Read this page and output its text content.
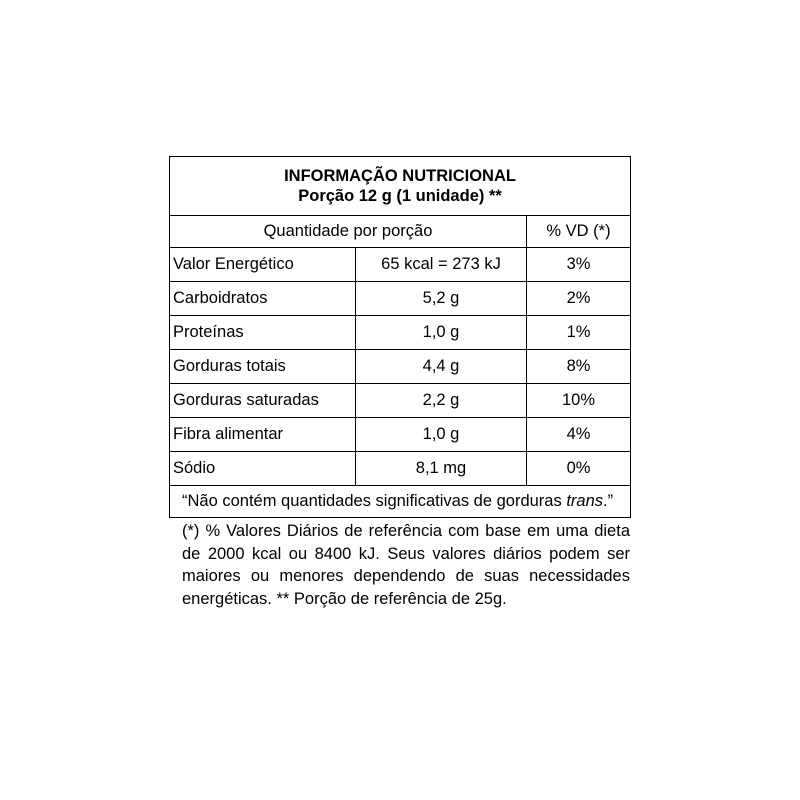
INFORMAÇÃO NUTRICIONAL
Porção 12 g (1 unidade) **		

Quantidade por porção		% VD (*)
Valor Energético	65 kcal = 273 kJ	3%
Carboidratos	5,2 g	2%
Proteínas	1,0 g	1%
Gorduras totais	4,4 g	8%
Gorduras saturadas	2,2 g	10%
Fibra alimentar	1,0 g	4%
Sódio	8,1 mg	0%
“Não contém quantidades significativas de gorduras trans.”		
(*) % Valores Diários de referência com base em uma dieta de 2000 kcal ou 8400 kJ. Seus valores diários podem ser maiores ou menores dependendo de suas necessidades energéticas. ** Porção de referência de 25g.
